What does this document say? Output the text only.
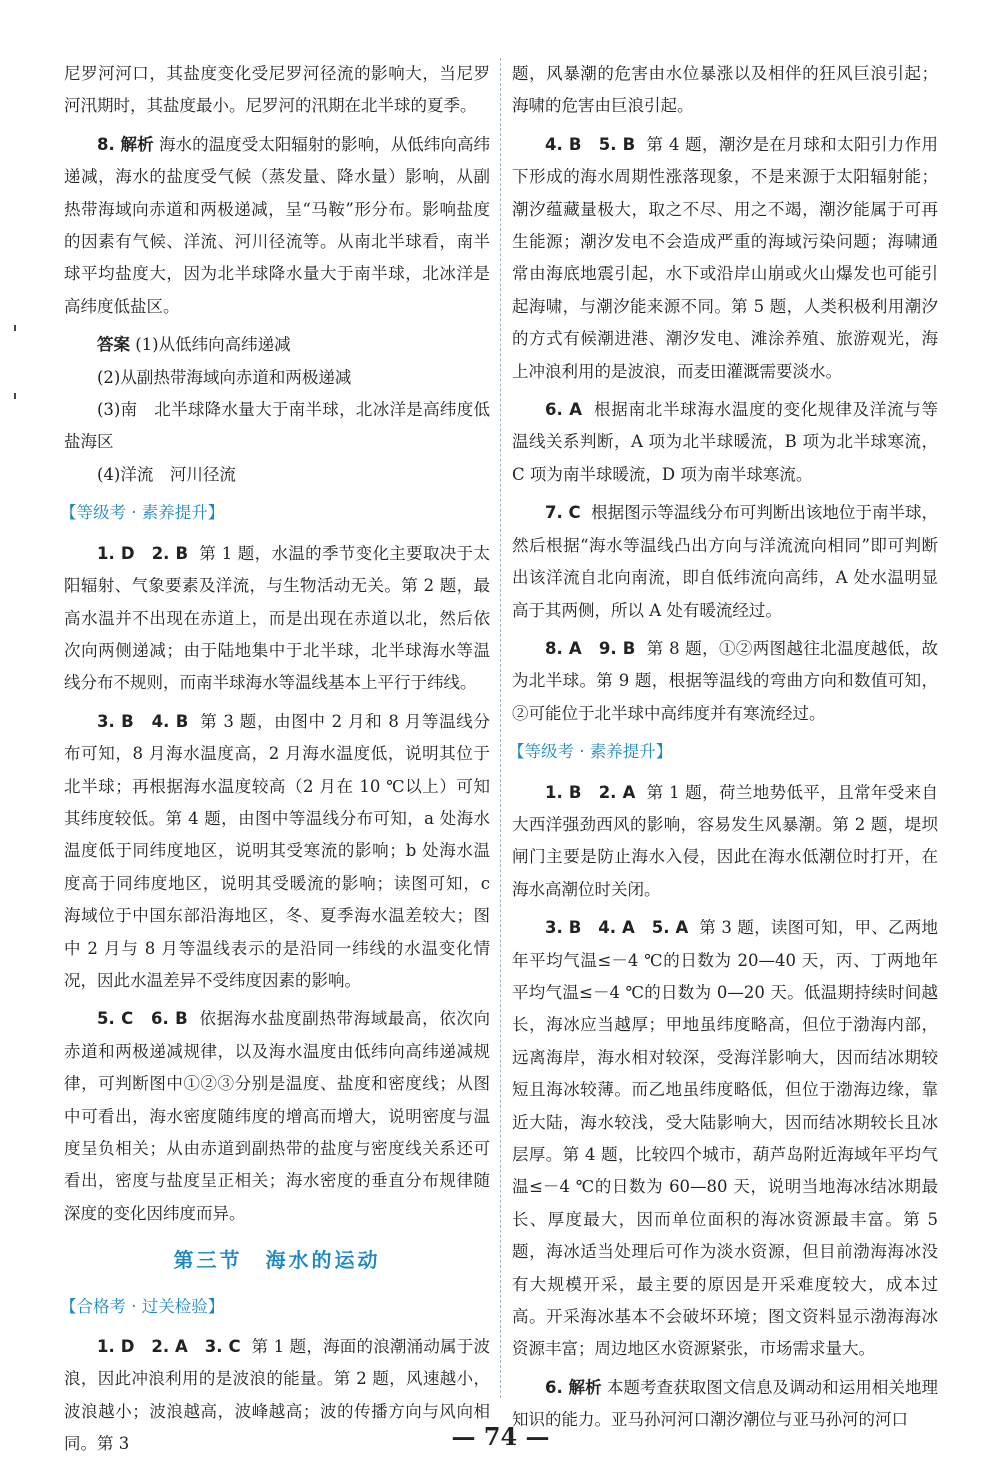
尼罗河河口，其盐度变化受尼罗河径流的影响大，当尼罗河汛期时，其盐度最小。尼罗河的汛期在北半球的夏季。

8. 解析 海水的温度受太阳辐射的影响，从低纬向高纬递减，海水的盐度受气候（蒸发量、降水量）影响，从副热带海域向赤道和两极递减，呈“马鞍”形分布。影响盐度的因素有气候、洋流、河川径流等。从南北半球看，南半球平均盐度大，因为北半球降水量大于南半球，北冰洋是高纬度低盐区。

答案 (1)从低纬向高纬递减

(2)从副热带海域向赤道和两极递减

(3)南　北半球降水量大于南半球，北冰洋是高纬度低盐海区

(4)洋流　河川径流

【等级考 · 素养提升】

1. D　2. B 第 1 题，水温的季节变化主要取决于太阳辐射、气象要素及洋流，与生物活动无关。第 2 题，最高水温并不出现在赤道上，而是出现在赤道以北，然后依次向两侧递减；由于陆地集中于北半球，北半球海水等温线分布不规则，而南半球海水等温线基本上平行于纬线。

3. B　4. B 第 3 题，由图中 2 月和 8 月等温线分布可知，8 月海水温度高，2 月海水温度低，说明其位于北半球；再根据海水温度较高（2 月在 10 ℃以上）可知其纬度较低。第 4 题，由图中等温线分布可知，a 处海水温度低于同纬度地区，说明其受寒流的影响；b 处海水温度高于同纬度地区，说明其受暖流的影响；读图可知，c 海域位于中国东部沿海地区，冬、夏季海水温差较大；图中 2 月与 8 月等温线表示的是沿同一纬线的水温变化情况，因此水温差异不受纬度因素的影响。

5. C　6. B 依据海水盐度副热带海域最高，依次向赤道和两极递减规律，以及海水温度由低纬向高纬递减规律，可判断图中①②③分别是温度、盐度和密度线；从图中可看出，海水密度随纬度的增高而增大，说明密度与温度呈负相关；从由赤道到副热带的盐度与密度线关系还可看出，密度与盐度呈正相关；海水密度的垂直分布规律随深度的变化因纬度而异。

第三节　海水的运动
【合格考 · 过关检验】

1. D　2. A　3. C 第 1 题，海面的浪潮涌动属于波浪，因此冲浪利用的是波浪的能量。第 2 题，风速越小，波浪越小；波浪越高，波峰越高；波的传播方向与风向相同。第 3

题，风暴潮的危害由水位暴涨以及相伴的狂风巨浪引起；海啸的危害由巨浪引起。

4. B　5. B 第 4 题，潮汐是在月球和太阳引力作用下形成的海水周期性涨落现象，不是来源于太阳辐射能；潮汐蕴藏量极大，取之不尽、用之不竭，潮汐能属于可再生能源；潮汐发电不会造成严重的海域污染问题；海啸通常由海底地震引起，水下或沿岸山崩或火山爆发也可能引起海啸，与潮汐能来源不同。第 5 题，人类积极利用潮汐的方式有候潮进港、潮汐发电、滩涂养殖、旅游观光，海上冲浪利用的是波浪，而麦田灌溉需要淡水。

6. A 根据南北半球海水温度的变化规律及洋流与等温线关系判断，A 项为北半球暖流，B 项为北半球寒流，C 项为南半球暖流，D 项为南半球寒流。

7. C 根据图示等温线分布可判断出该地位于南半球，然后根据“海水等温线凸出方向与洋流流向相同”即可判断出该洋流自北向南流，即自低纬流向高纬，A 处水温明显高于其两侧，所以 A 处有暖流经过。

8. A　9. B 第 8 题，①②两图越往北温度越低，故为北半球。第 9 题，根据等温线的弯曲方向和数值可知，②可能位于北半球中高纬度并有寒流经过。

【等级考 · 素养提升】

1. B　2. A 第 1 题，荷兰地势低平，且常年受来自大西洋强劲西风的影响，容易发生风暴潮。第 2 题，堤坝闸门主要是防止海水入侵，因此在海水低潮位时打开，在海水高潮位时关闭。

3. B　4. A　5. A 第 3 题，读图可知，甲、乙两地年平均气温≤－4 ℃的日数为 20—40 天，丙、丁两地年平均气温≤－4 ℃的日数为 0—20 天。低温期持续时间越长，海冰应当越厚；甲地虽纬度略高，但位于渤海内部，远离海岸，海水相对较深，受海洋影响大，因而结冰期较短且海冰较薄。而乙地虽纬度略低，但位于渤海边缘，靠近大陆，海水较浅，受大陆影响大，因而结冰期较长且冰层厚。第 4 题，比较四个城市，葫芦岛附近海域年平均气温≤－4 ℃的日数为 60—80 天，说明当地海冰结冰期最长、厚度最大，因而单位面积的海冰资源最丰富。第 5 题，海冰适当处理后可作为淡水资源，但目前渤海海冰没有大规模开采，最主要的原因是开采难度较大，成本过高。开采海冰基本不会破坏环境；图文资料显示渤海海冰资源丰富；周边地区水资源紧张，市场需求量大。

6. 解析 本题考查获取图文信息及调动和运用相关地理知识的能力。亚马孙河河口潮汐潮位与亚马孙河的河口

— 74 —
